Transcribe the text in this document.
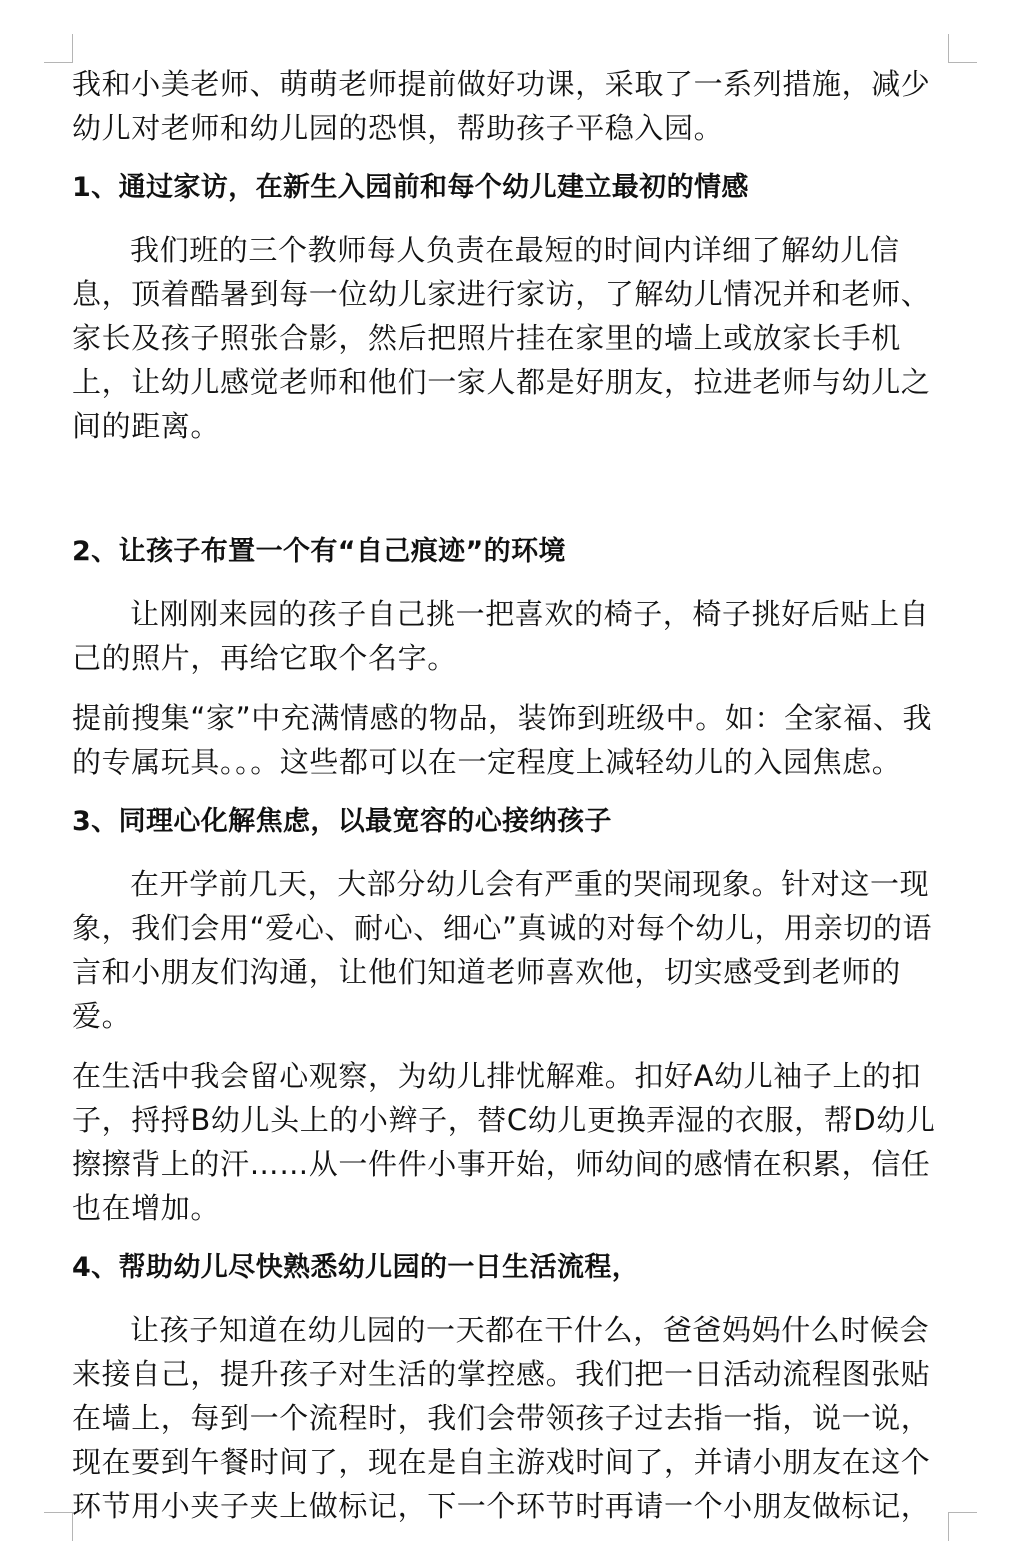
我和小美老师、萌萌老师提前做好功课，采取了一系列措施，减少幼儿对老师和幼儿园的恐惧，帮助孩子平稳入园。

1、通过家访，在新生入园前和每个幼儿建立最初的情感

我们班的三个教师每人负责在最短的时间内详细了解幼儿信息，顶着酷暑到每一位幼儿家进行家访，了解幼儿情况并和老师、家长及孩子照张合影，然后把照片挂在家里的墙上或放家长手机上，让幼儿感觉老师和他们一家人都是好朋友，拉进老师与幼儿之间的距离。

2、让孩子布置一个有“自己痕迹”的环境

让刚刚来园的孩子自己挑一把喜欢的椅子，椅子挑好后贴上自己的照片，再给它取个名字。

提前搜集“家”中充满情感的物品，装饰到班级中。如：全家福、我的专属玩具。。。这些都可以在一定程度上减轻幼儿的入园焦虑。

3、同理心化解焦虑，以最宽容的心接纳孩子

在开学前几天，大部分幼儿会有严重的哭闹现象。针对这一现象，我们会用“爱心、耐心、细心”真诚的对每个幼儿，用亲切的语言和小朋友们沟通，让他们知道老师喜欢他，切实感受到老师的爱。

在生活中我会留心观察，为幼儿排忧解难。扣好A幼儿袖子上的扣子，捋捋B幼儿头上的小辫子，替C幼儿更换弄湿的衣服，帮D幼儿擦擦背上的汗……从一件件小事开始，师幼间的感情在积累，信任也在增加。

4、帮助幼儿尽快熟悉幼儿园的一日生活流程，

让孩子知道在幼儿园的一天都在干什么，爸爸妈妈什么时候会来接自己，提升孩子对生活的掌控感。我们把一日活动流程图张贴在墙上，每到一个流程时，我们会带领孩子过去指一指，说一说，现在要到午餐时间了，现在是自主游戏时间了，并请小朋友在这个环节用小夹子夹上做标记，下一个环节时再请一个小朋友做标记，
